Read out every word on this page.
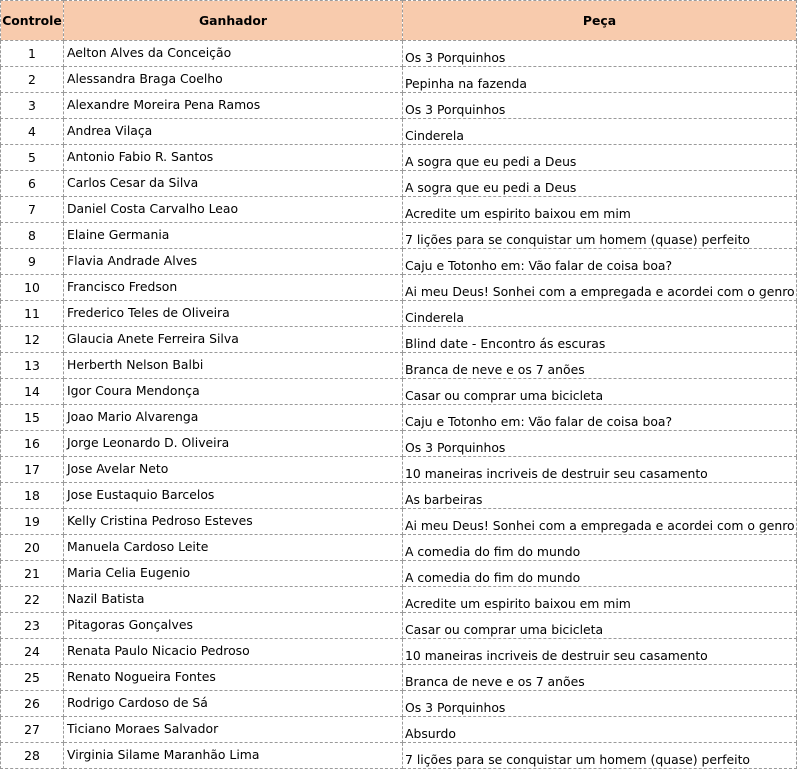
Controle	Ganhador	Peça
1	Aelton Alves da Conceição	Os 3 Porquinhos
2	Alessandra Braga Coelho	Pepinha na fazenda
3	Alexandre Moreira Pena Ramos	Os 3 Porquinhos
4	Andrea Vilaça	Cinderela
5	Antonio Fabio R. Santos	A sogra que eu pedi a Deus
6	Carlos Cesar da Silva	A sogra que eu pedi a Deus
7	Daniel Costa Carvalho Leao	Acredite um espirito baixou em mim
8	Elaine Germania	7 lições para se conquistar um homem (quase) perfeito
9	Flavia Andrade Alves	Caju e Totonho em: Vão falar de coisa boa?
10	Francisco Fredson	Ai meu Deus! Sonhei com a empregada e acordei com o genro
11	Frederico Teles de Oliveira	Cinderela
12	Glaucia Anete Ferreira Silva	Blind date - Encontro ás escuras
13	Herberth Nelson Balbi	Branca de neve e os 7 anões
14	Igor Coura Mendonça	Casar ou comprar uma bicicleta
15	Joao Mario Alvarenga	Caju e Totonho em: Vão falar de coisa boa?
16	Jorge Leonardo D. Oliveira	Os 3 Porquinhos
17	Jose Avelar Neto	10 maneiras incriveis de destruir seu casamento
18	Jose Eustaquio Barcelos	As barbeiras
19	Kelly Cristina Pedroso Esteves	Ai meu Deus! Sonhei com a empregada e acordei com o genro
20	Manuela Cardoso Leite	A comedia do fim do mundo
21	Maria Celia Eugenio	A comedia do fim do mundo
22	Nazil Batista	Acredite um espirito baixou em mim
23	Pitagoras Gonçalves	Casar ou comprar uma bicicleta
24	Renata Paulo Nicacio Pedroso	10 maneiras incriveis de destruir seu casamento
25	Renato Nogueira Fontes	Branca de neve e os 7 anões
26	Rodrigo Cardoso de Sá	Os 3 Porquinhos
27	Ticiano Moraes Salvador	Absurdo
28	Virginia Silame Maranhão Lima	7 lições para se conquistar um homem (quase) perfeito
